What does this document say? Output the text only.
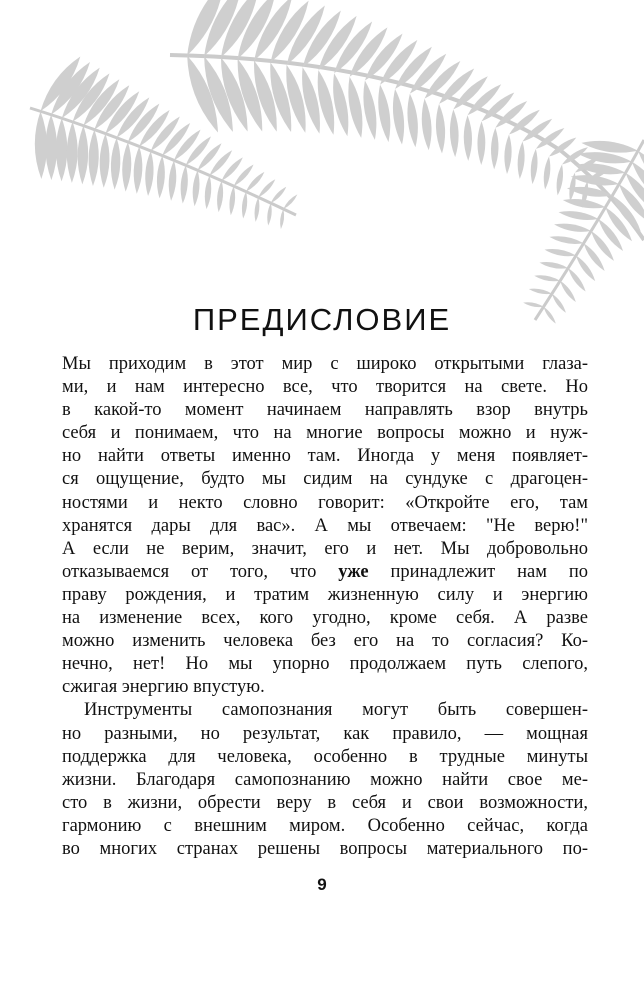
ПРЕДИСЛОВИЕ

Мы приходим в этот мир с широко открытыми глаза-
ми, и нам интересно все, что творится на свете. Но
в какой-то момент начинаем направлять взор внутрь
себя и понимаем, что на многие вопросы можно и нуж-
но найти ответы именно там. Иногда у меня появляет-
ся ощущение, будто мы сидим на сундуке с драгоцен-
ностями и некто словно говорит: «Откройте его, там
хранятся дары для вас». А мы отвечаем: "Не верю!"
А если не верим, значит, его и нет. Мы добровольно
отказываемся от того, что уже принадлежит нам по
праву рождения, и тратим жизненную силу и энергию
на изменение всех, кого угодно, кроме себя. А разве
можно изменить человека без его на то согласия? Ко-
нечно, нет! Но мы упорно продолжаем путь слепого,
сжигая энергию впустую.

Инструменты самопознания могут быть совершен-
но разными, но результат, как правило, — мощная
поддержка для человека, особенно в трудные минуты
жизни. Благодаря самопознанию можно найти свое ме-
сто в жизни, обрести веру в себя и свои возможности,
гармонию с внешним миром. Особенно сейчас, когда
во многих странах решены вопросы материального по-

9
